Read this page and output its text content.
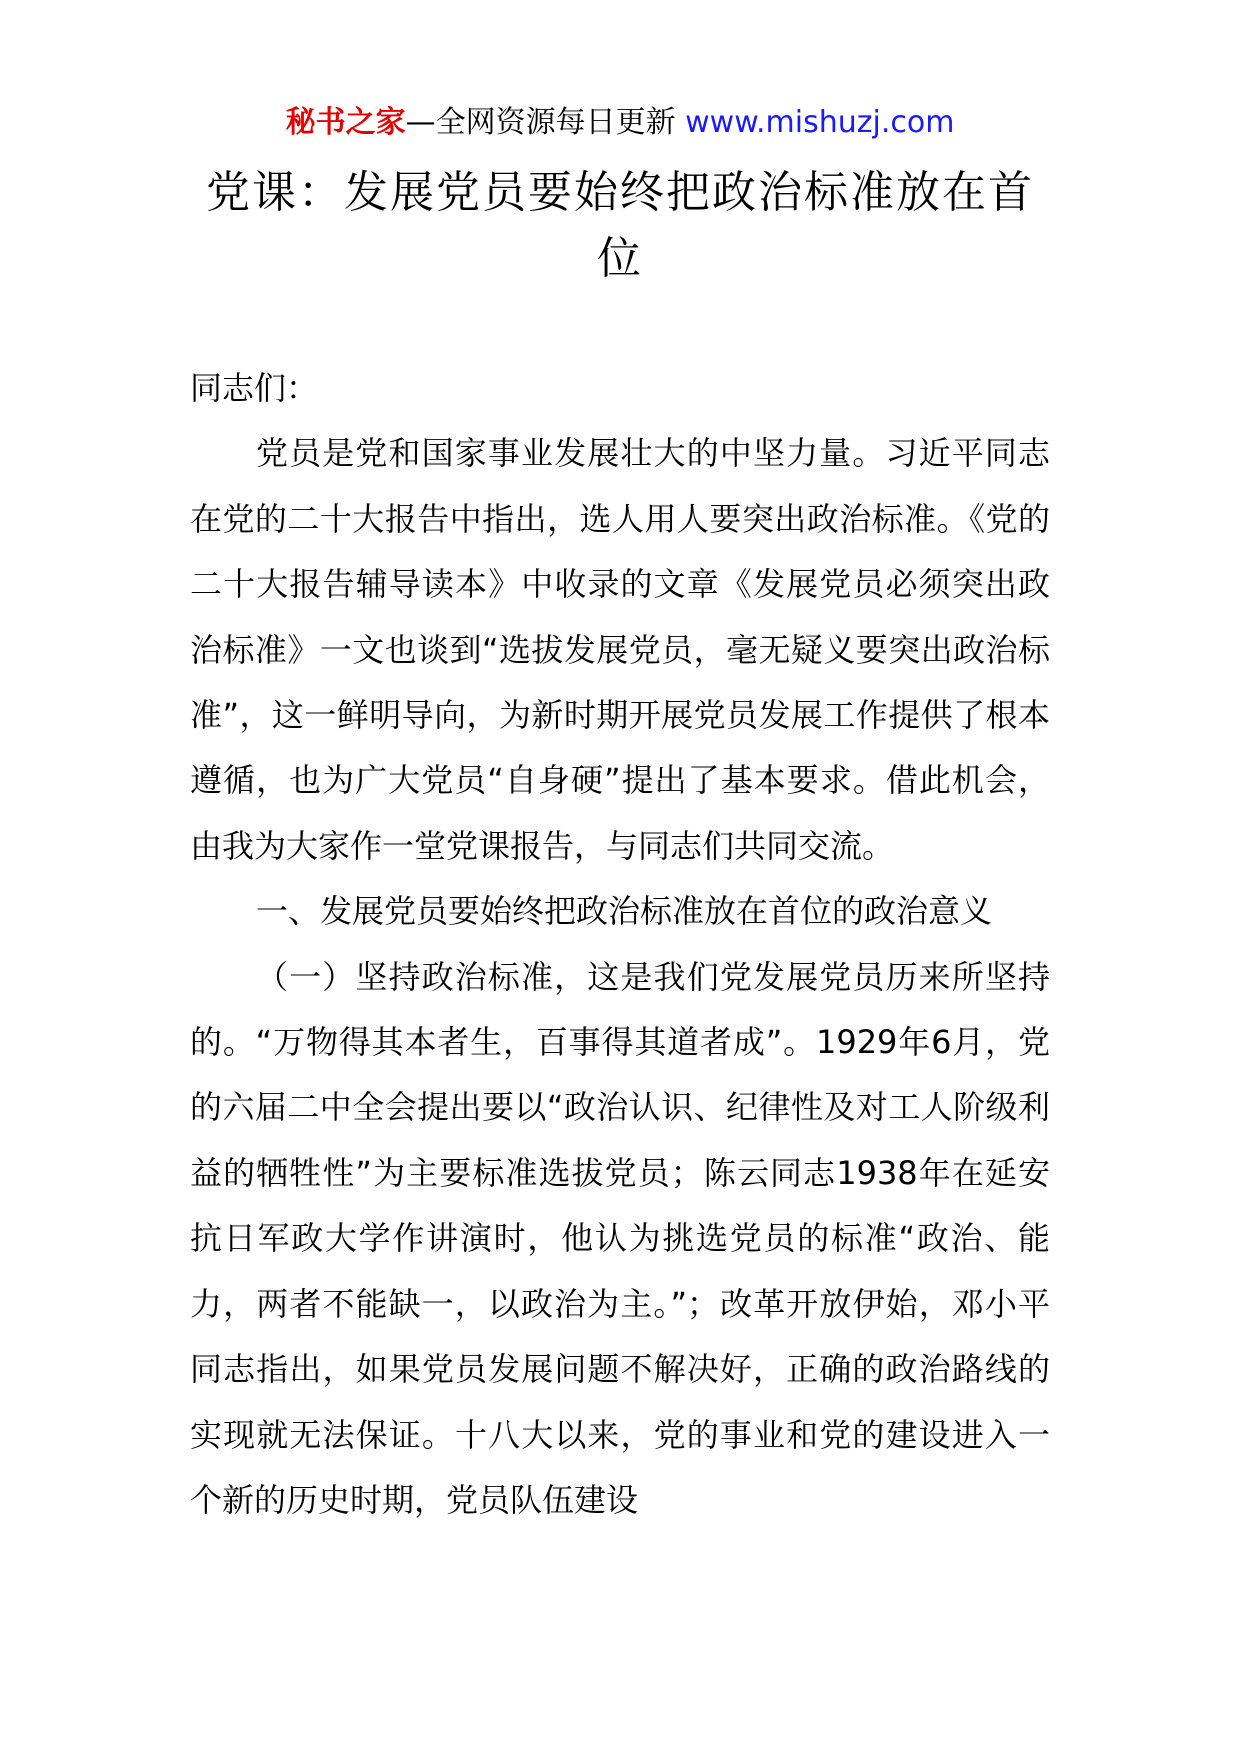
秘书之家—全网资源每日更新 www.mishuzj.com
党课：发展党员要始终把政治标准放在首位

同志们：

党员是党和国家事业发展壮大的中坚力量。习近平同志在党的二十大报告中指出，选人用人要突出政治标准。《党的二十大报告辅导读本》中收录的文章《发展党员必须突出政治标准》一文也谈到“选拔发展党员，毫无疑义要突出政治标准”，这一鲜明导向，为新时期开展党员发展工作提供了根本遵循，也为广大党员“自身硬”提出了基本要求。借此机会，由我为大家作一堂党课报告，与同志们共同交流。

一、发展党员要始终把政治标准放在首位的政治意义

（一）坚持政治标准，这是我们党发展党员历来所坚持的。“万物得其本者生，百事得其道者成”。1929年6月，党的六届二中全会提出要以“政治认识、纪律性及对工人阶级利益的牺牲性”为主要标准选拔党员；陈云同志1938年在延安抗日军政大学作讲演时，他认为挑选党员的标准“政治、能力，两者不能缺一，以政治为主。”；改革开放伊始，邓小平同志指出，如果党员发展问题不解决好，正确的政治路线的实现就无法保证。十八大以来，党的事业和党的建设进入一个新的历史时期，党员队伍建设
